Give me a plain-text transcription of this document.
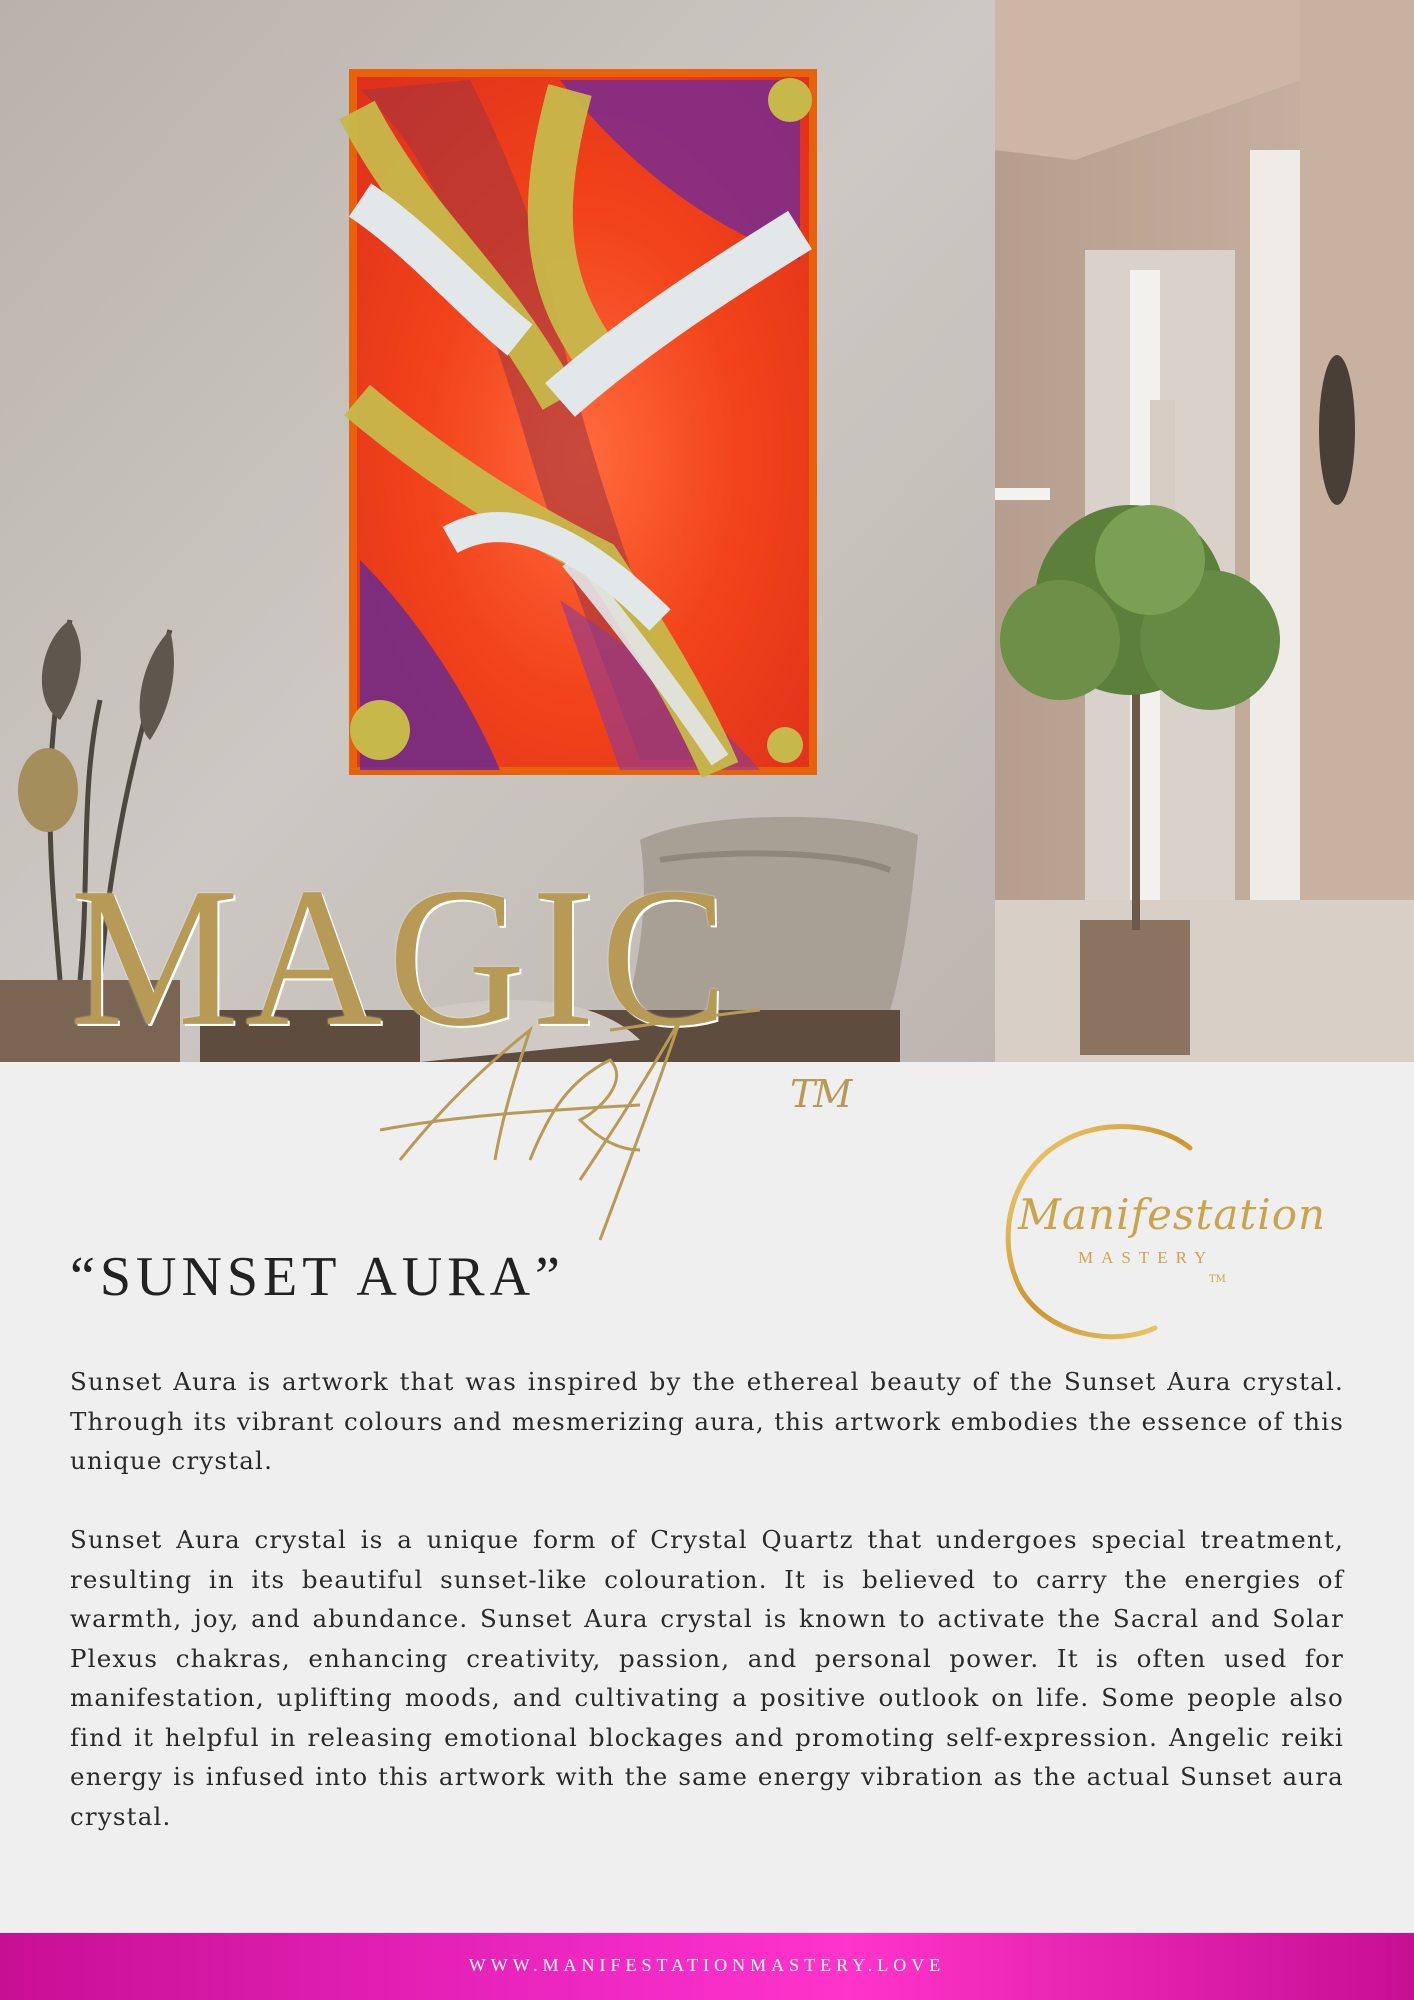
MAGIC
TM
Manifestation
MASTERY
TM
“SUNSET AURA”

Sunset Aura is artwork that was inspired by the ethereal beauty of the Sunset Aura crystal. Through its vibrant colours and mesmerizing aura, this artwork embodies the essence of this unique crystal.

Sunset Aura crystal is a unique form of Crystal Quartz that undergoes special treatment, resulting in its beautiful sunset-like colouration. It is believed to carry the energies of warmth, joy, and abundance. Sunset Aura crystal is known to activate the Sacral and Solar Plexus chakras, enhancing creativity, passion, and personal power. It is often used for manifestation, uplifting moods, and cultivating a positive outlook on life. Some people also find it helpful in releasing emotional blockages and promoting self-expression. Angelic reiki energy is infused into this artwork with the same energy vibration as the actual Sunset aura crystal.

WWW.MANIFESTATIONMASTERY.LOVE
